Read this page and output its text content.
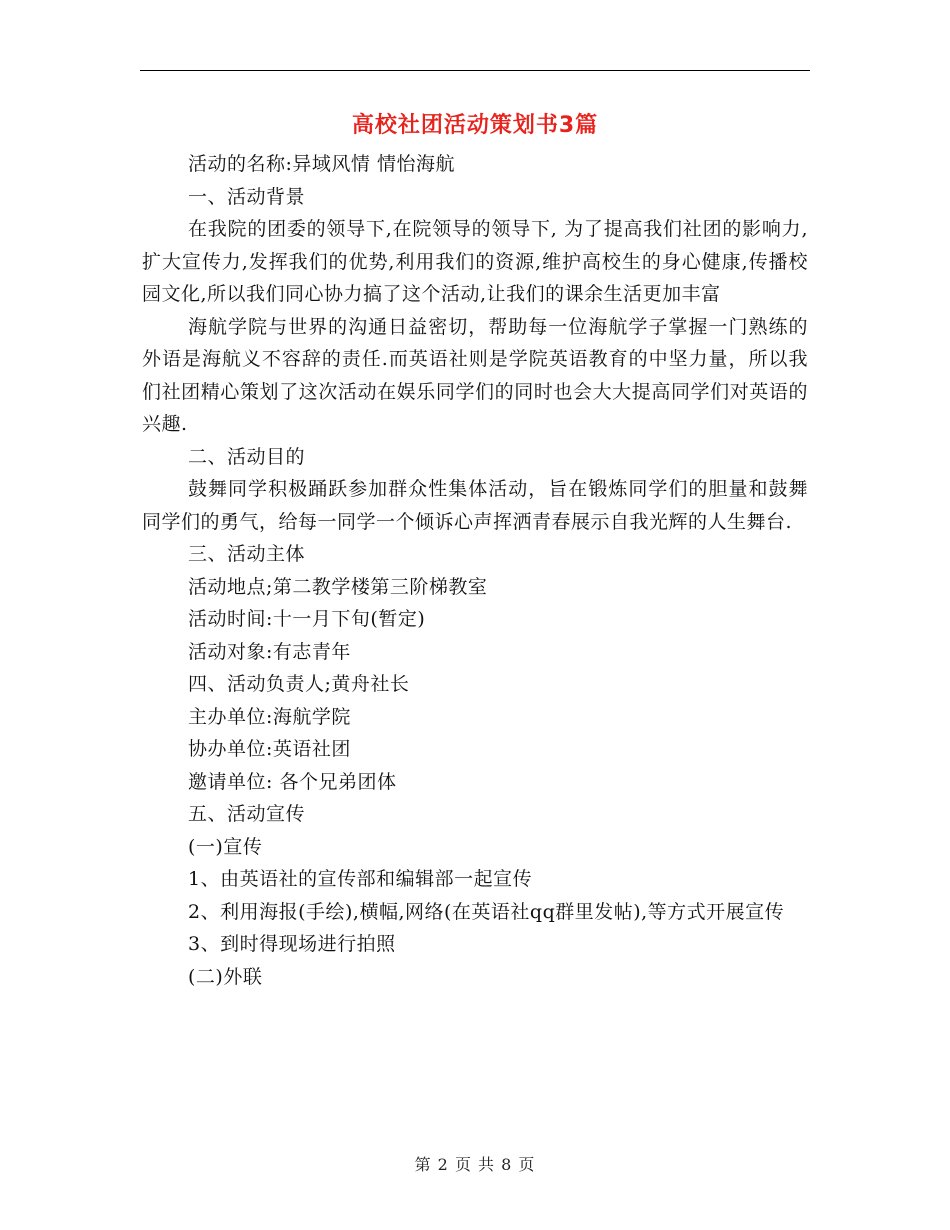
高校社团活动策划书3篇

活动的名称:异域风情 情怡海航

一、活动背景

在我院的团委的领导下,在院领导的领导下, 为了提高我们社团的影响力,扩大宣传力,发挥我们的优势,利用我们的资源,维护高校生的身心健康,传播校园文化,所以我们同心协力搞了这个活动,让我们的课余生活更加丰富

海航学院与世界的沟通日益密切，帮助每一位海航学子掌握一门熟练的外语是海航义不容辞的责任.而英语社则是学院英语教育的中坚力量，所以我们社团精心策划了这次活动在娱乐同学们的同时也会大大提高同学们对英语的兴趣.

二、活动目的

鼓舞同学积极踊跃参加群众性集体活动，旨在锻炼同学们的胆量和鼓舞同学们的勇气，给每一同学一个倾诉心声挥洒青春展示自我光辉的人生舞台.

三、活动主体

活动地点;第二教学楼第三阶梯教室

活动时间:十一月下旬(暂定)

活动对象:有志青年

四、活动负责人;黄舟社长

主办单位:海航学院

协办单位:英语社团

邀请单位: 各个兄弟团体

五、活动宣传

(一)宣传

1、由英语社的宣传部和编辑部一起宣传

2、利用海报(手绘),横幅,网络(在英语社qq群里发帖),等方式开展宣传

3、到时得现场进行拍照

(二)外联

第 2 页 共 8 页
